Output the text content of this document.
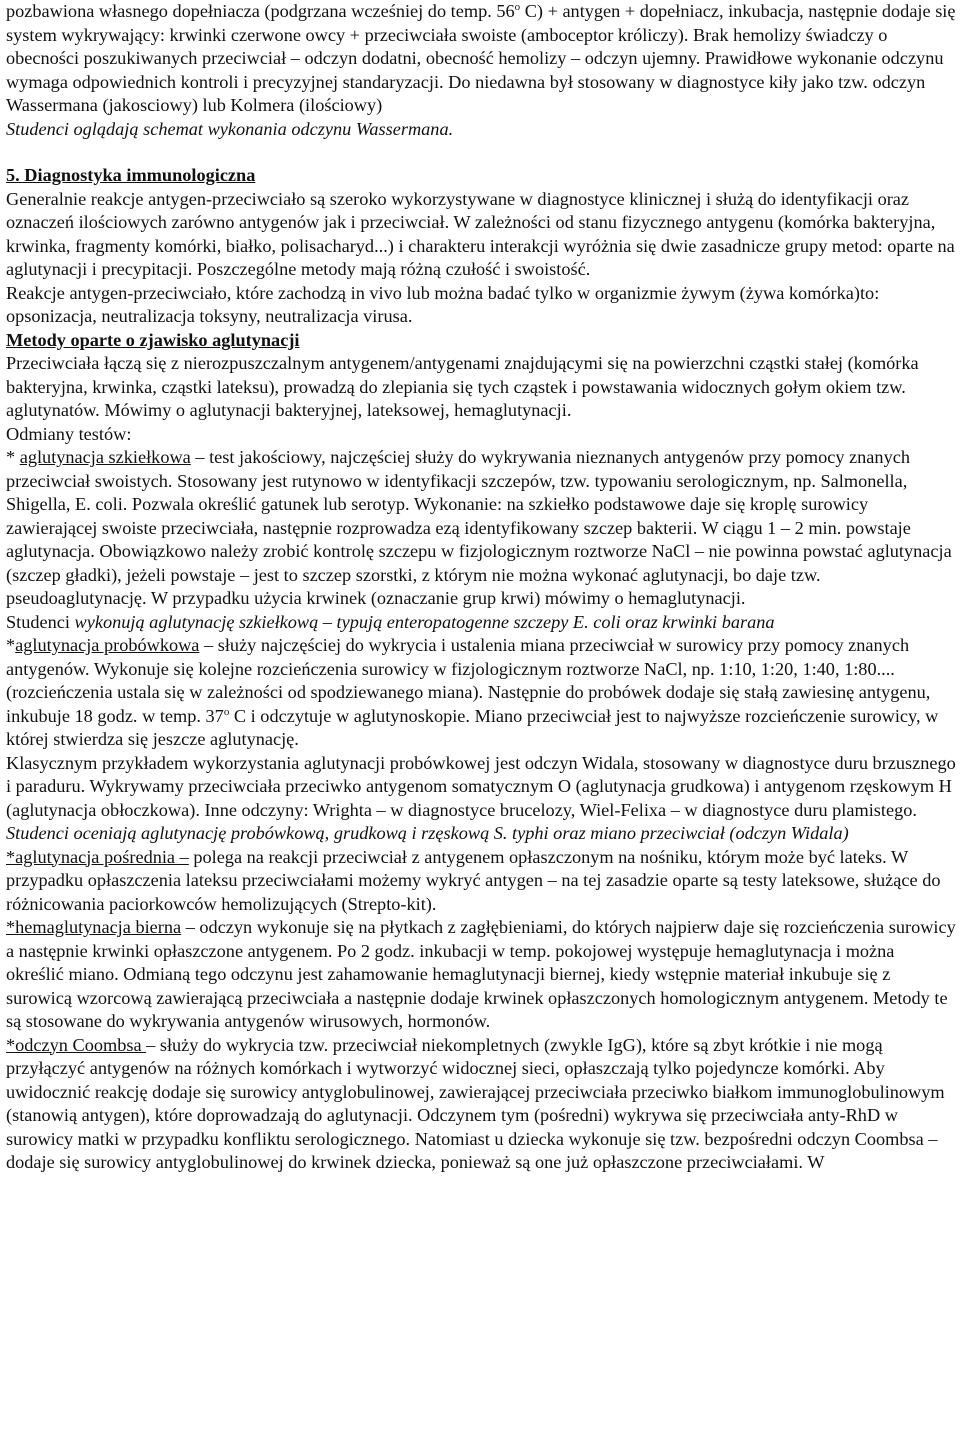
pozbawiona własnego dopełniacza (podgrzana wcześniej do temp. 56$^o$ C) + antygen + dopełniacz, inkubacja, następnie dodaje się system wykrywający: krwinki czerwone owcy + przeciwciała swoiste (amboceptor króliczy). Brak hemolizy świadczy o obecności poszukiwanych przeciwciał – odczyn dodatni, obecność hemolizy – odczyn ujemny. Prawidłowe wykonanie odczynu wymaga odpowiednich kontroli i precyzyjnej standaryzacji. Do niedawna był stosowany w diagnostyce kiły jako tzw. odczyn Wassermana (jakosciowy) lub Kolmera (ilościowy)

Studenci oglądają schemat wykonania odczynu Wassermana.

5. Diagnostyka immunologiczna

Generalnie reakcje antygen-przeciwciało są szeroko wykorzystywane w diagnostyce klinicznej i służą do identyfikacji oraz oznaczeń ilościowych zarówno antygenów jak i przeciwciał. W zależności od stanu fizycznego antygenu (komórka bakteryjna, krwinka, fragmenty komórki, białko, polisacharyd...) i charakteru interakcji wyróżnia się dwie zasadnicze grupy metod: oparte na aglutynacji i precypitacji. Poszczególne metody mają różną czułość i swoistość.

Reakcje antygen-przeciwciało, które zachodzą in vivo lub można badać tylko w organizmie żywym (żywa komórka)to: opsonizacja, neutralizacja toksyny, neutralizacja virusa.

Metody oparte o zjawisko aglutynacji

Przeciwciała łączą się z nierozpuszczalnym antygenem/antygenami znajdującymi się na powierzchni cząstki stałej (komórka bakteryjna, krwinka, cząstki lateksu), prowadzą do zlepiania się tych cząstek i powstawania widocznych gołym okiem tzw. aglutynatów. Mówimy o aglutynacji bakteryjnej, lateksowej, hemaglutynacji.

Odmiany testów:

* aglutynacja szkiełkowa – test jakościowy, najczęściej służy do wykrywania nieznanych antygenów przy pomocy znanych przeciwciał swoistych. Stosowany jest rutynowo w identyfikacji szczepów, tzw. typowaniu serologicznym, np. Salmonella, Shigella, E. coli. Pozwala określić gatunek lub serotyp. Wykonanie: na szkiełko podstawowe daje się kroplę surowicy zawierającej swoiste przeciwciała, następnie rozprowadza ezą identyfikowany szczep bakterii. W ciągu 1 – 2 min. powstaje aglutynacja. Obowiązkowo należy zrobić kontrolę szczepu w fizjologicznym roztworze NaCl – nie powinna powstać aglutynacja (szczep gładki), jeżeli powstaje – jest to szczep szorstki, z którym nie można wykonać aglutynacji, bo daje tzw. pseudoaglutynację. W przypadku użycia krwinek (oznaczanie grup krwi) mówimy o hemaglutynacji.

Studenci wykonują aglutynację szkiełkową – typują enteropatogenne szczepy E. coli oraz krwinki barana

*aglutynacja probówkowa – służy najczęściej do wykrycia i ustalenia miana przeciwciał w surowicy przy pomocy znanych antygenów. Wykonuje się kolejne rozcieńczenia surowicy w fizjologicznym roztworze NaCl, np. 1:10, 1:20, 1:40, 1:80....(rozcieńczenia ustala się w zależności od spodziewanego miana). Następnie do probówek dodaje się stałą zawiesinę antygenu, inkubuje 18 godz. w temp. 37$^o$ C i odczytuje w aglutynoskopie. Miano przeciwciał jest to najwyższe rozcieńczenie surowicy, w której stwierdza się jeszcze aglutynację.

Klasycznym przykładem wykorzystania aglutynacji probówkowej jest odczyn Widala, stosowany w diagnostyce duru brzusznego i paraduru. Wykrywamy przeciwciała przeciwko antygenom somatycznym O (aglutynacja grudkowa) i antygenom rzęskowym H (aglutynacja obłoczkowa). Inne odczyny: Wrighta – w diagnostyce brucelozy, Wiel-Felixa – w diagnostyce duru plamistego.

Studenci oceniają aglutynację probówkową, grudkową i rzęskową S. typhi oraz miano przeciwciał (odczyn Widala)

*aglutynacja pośrednia – polega na reakcji przeciwciał z antygenem opłaszczonym na nośniku, którym może być lateks. W przypadku opłaszczenia lateksu przeciwciałami możemy wykryć antygen – na tej zasadzie oparte są testy lateksowe, służące do różnicowania paciorkowców hemolizujących (Strepto-kit).

*hemaglutynacja bierna – odczyn wykonuje się na płytkach z zagłębieniami, do których najpierw daje się rozcieńczenia surowicy a następnie krwinki opłaszczone antygenem. Po 2 godz. inkubacji w temp. pokojowej występuje hemaglutynacja i można określić miano. Odmianą tego odczynu jest zahamowanie hemaglutynacji biernej, kiedy wstępnie materiał inkubuje się z surowicą wzorcową zawierającą przeciwciała a następnie dodaje krwinek opłaszczonych homologicznym antygenem. Metody te są stosowane do wykrywania antygenów wirusowych, hormonów.

*odczyn Coombsa – służy do wykrycia tzw. przeciwciał niekompletnych (zwykle IgG), które są zbyt krótkie i nie mogą przyłączyć antygenów na różnych komórkach i wytworzyć widocznej sieci, opłaszczają tylko pojedyncze komórki. Aby uwidocznić reakcję dodaje się surowicy antyglobulinowej, zawierającej przeciwciała przeciwko białkom immunoglobulinowym (stanowią antygen), które doprowadzają do aglutynacji. Odczynem tym (pośredni) wykrywa się przeciwciała anty-RhD w surowicy matki w przypadku konfliktu serologicznego. Natomiast u dziecka wykonuje się tzw. bezpośredni odczyn Coombsa – dodaje się surowicy antyglobulinowej do krwinek dziecka, ponieważ są one już opłaszczone przeciwciałami. W
